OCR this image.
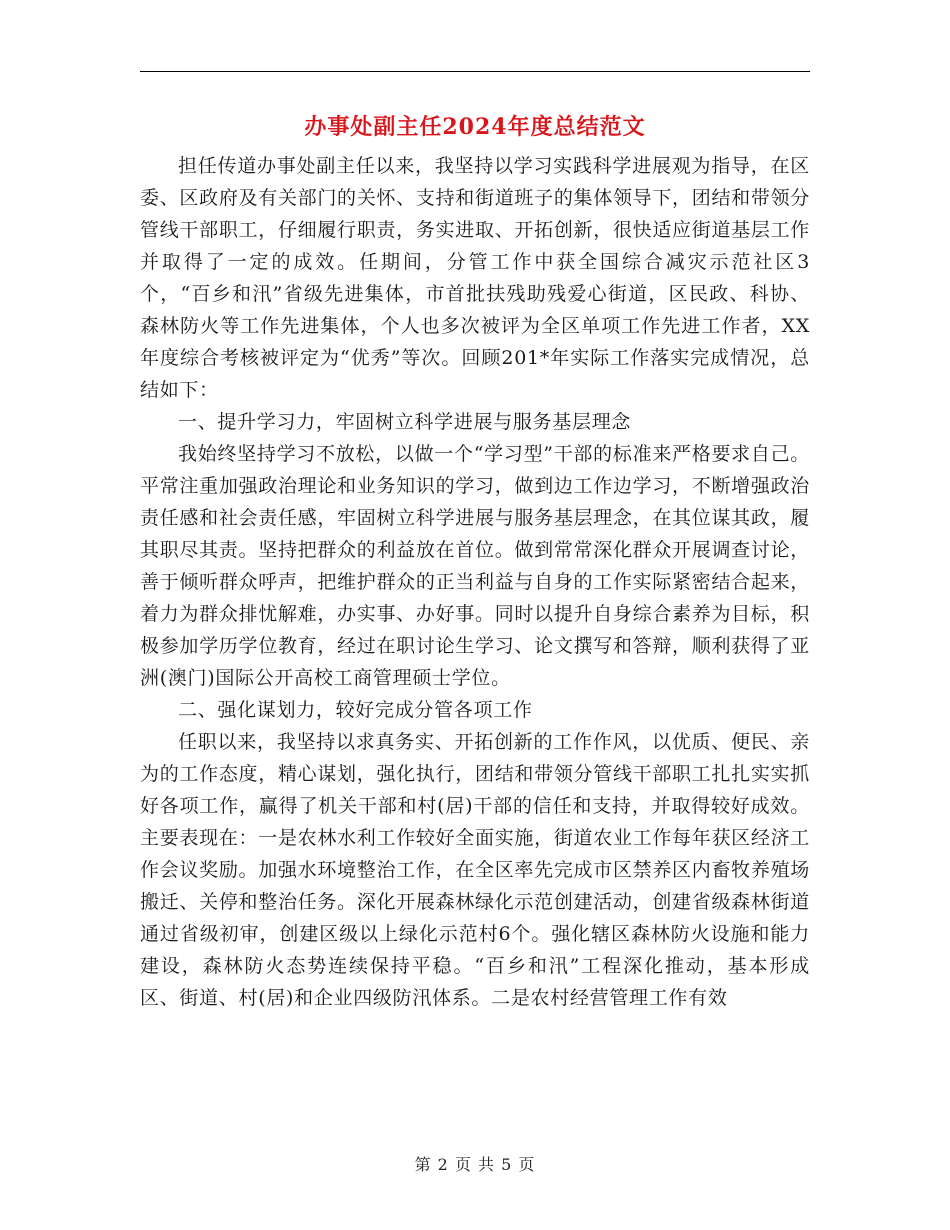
办事处副主任2024年度总结范文

担任传道办事处副主任以来，我坚持以学习实践科学进展观为指导，在区委、区政府及有关部门的关怀、支持和街道班子的集体领导下，团结和带领分管线干部职工，仔细履行职责，务实进取、开拓创新，很快适应街道基层工作并取得了一定的成效。任期间，分管工作中获全国综合减灾示范社区3个，“百乡和汛”省级先进集体，市首批扶残助残爱心街道，区民政、科协、森林防火等工作先进集体，个人也多次被评为全区单项工作先进工作者，XX年度综合考核被评定为“优秀”等次。回顾201*年实际工作落实完成情况，总结如下：

一、提升学习力，牢固树立科学进展与服务基层理念

我始终坚持学习不放松，以做一个“学习型”干部的标准来严格要求自己。平常注重加强政治理论和业务知识的学习，做到边工作边学习，不断增强政治责任感和社会责任感，牢固树立科学进展与服务基层理念，在其位谋其政，履其职尽其责。坚持把群众的利益放在首位。做到常常深化群众开展调查讨论，善于倾听群众呼声，把维护群众的正当利益与自身的工作实际紧密结合起来，着力为群众排忧解难，办实事、办好事。同时以提升自身综合素养为目标，积极参加学历学位教育，经过在职讨论生学习、论文撰写和答辩，顺利获得了亚洲(澳门)国际公开高校工商管理硕士学位。

二、强化谋划力，较好完成分管各项工作

任职以来，我坚持以求真务实、开拓创新的工作作风，以优质、便民、亲为的工作态度，精心谋划，强化执行，团结和带领分管线干部职工扎扎实实抓好各项工作，赢得了机关干部和村(居)干部的信任和支持，并取得较好成效。主要表现在：一是农林水利工作较好全面实施，街道农业工作每年获区经济工作会议奖励。加强水环境整治工作，在全区率先完成市区禁养区内畜牧养殖场搬迁、关停和整治任务。深化开展森林绿化示范创建活动，创建省级森林街道通过省级初审，创建区级以上绿化示范村6个。强化辖区森林防火设施和能力建设，森林防火态势连续保持平稳。“百乡和汛”工程深化推动，基本形成区、街道、村(居)和企业四级防汛体系。二是农村经营管理工作有效

第 2 页 共 5 页
